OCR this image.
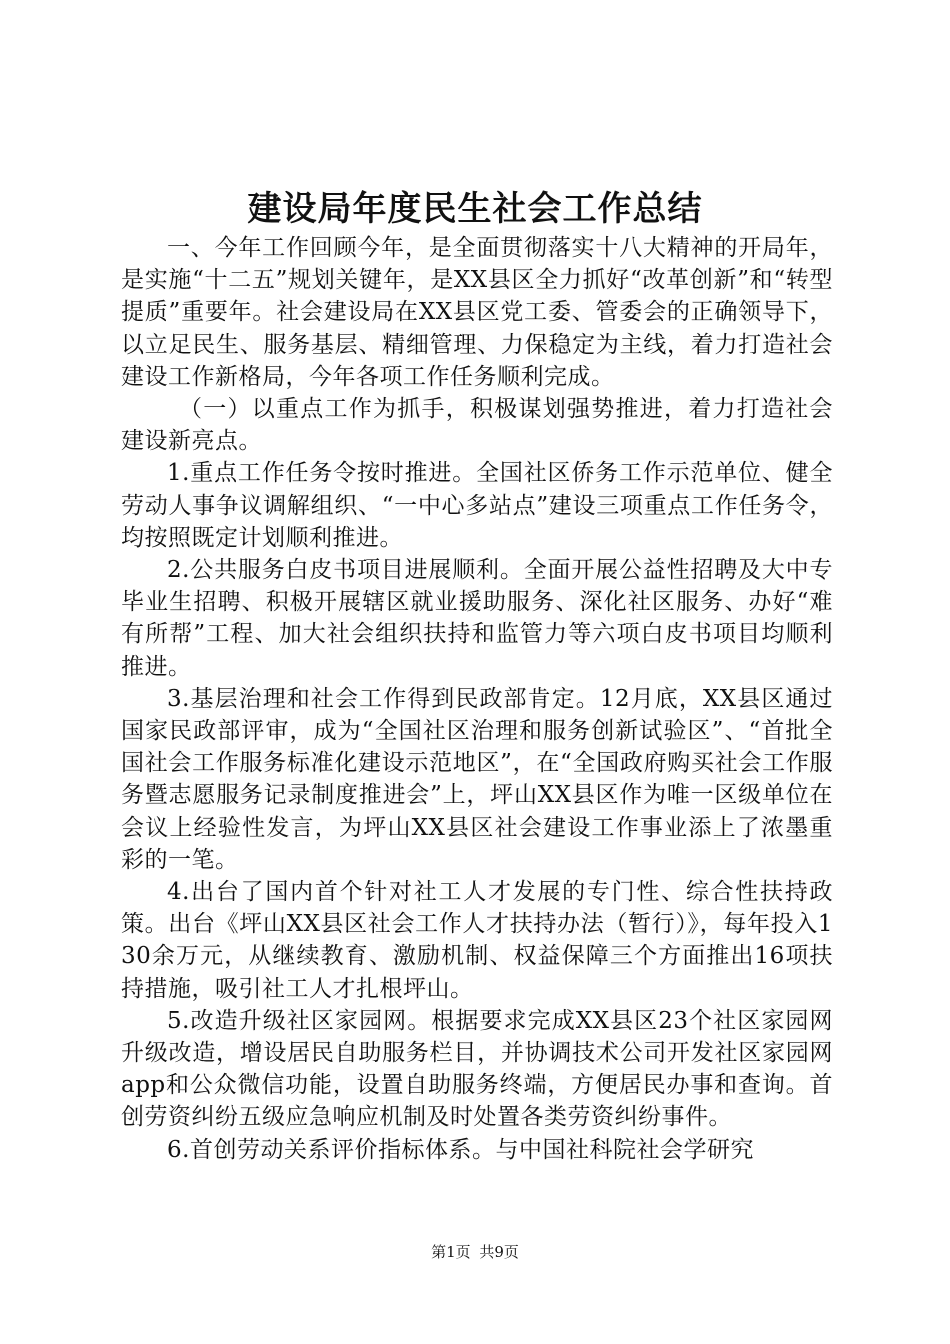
建设局年度民生社会工作总结

一、今年工作回顾今年，是全面贯彻落实十八大精神的开局年，是实施“十二五”规划关键年，是XX县区全力抓好“改革创新”和“转型提质”重要年。社会建设局在XX县区党工委、管委会的正确领导下，以立足民生、服务基层、精细管理、力保稳定为主线，着力打造社会建设工作新格局，今年各项工作任务顺利完成。

（一）以重点工作为抓手，积极谋划强势推进，着力打造社会建设新亮点。

1.重点工作任务令按时推进。全国社区侨务工作示范单位、健全劳动人事争议调解组织、“一中心多站点”建设三项重点工作任务令，均按照既定计划顺利推进。

2.公共服务白皮书项目进展顺利。全面开展公益性招聘及大中专毕业生招聘、积极开展辖区就业援助服务、深化社区服务、办好“难有所帮”工程、加大社会组织扶持和监管力等六项白皮书项目均顺利推进。

3.基层治理和社会工作得到民政部肯定。12月底，XX县区通过国家民政部评审，成为“全国社区治理和服务创新试验区”、“首批全国社会工作服务标准化建设示范地区”，在“全国政府购买社会工作服务暨志愿服务记录制度推进会”上，坪山XX县区作为唯一区级单位在会议上经验性发言，为坪山XX县区社会建设工作事业添上了浓墨重彩的一笔。

4.出台了国内首个针对社工人才发展的专门性、综合性扶持政策。出台《坪山XX县区社会工作人才扶持办法（暂行）》，每年投入130余万元，从继续教育、激励机制、权益保障三个方面推出16项扶持措施，吸引社工人才扎根坪山。

5.改造升级社区家园网。根据要求完成XX县区23个社区家园网升级改造，增设居民自助服务栏目，并协调技术公司开发社区家园网app和公众微信功能，设置自助服务终端，方便居民办事和查询。首创劳资纠纷五级应急响应机制及时处置各类劳资纠纷事件。

6.首创劳动关系评价指标体系。与中国社科院社会学研究

第1页 共9页
